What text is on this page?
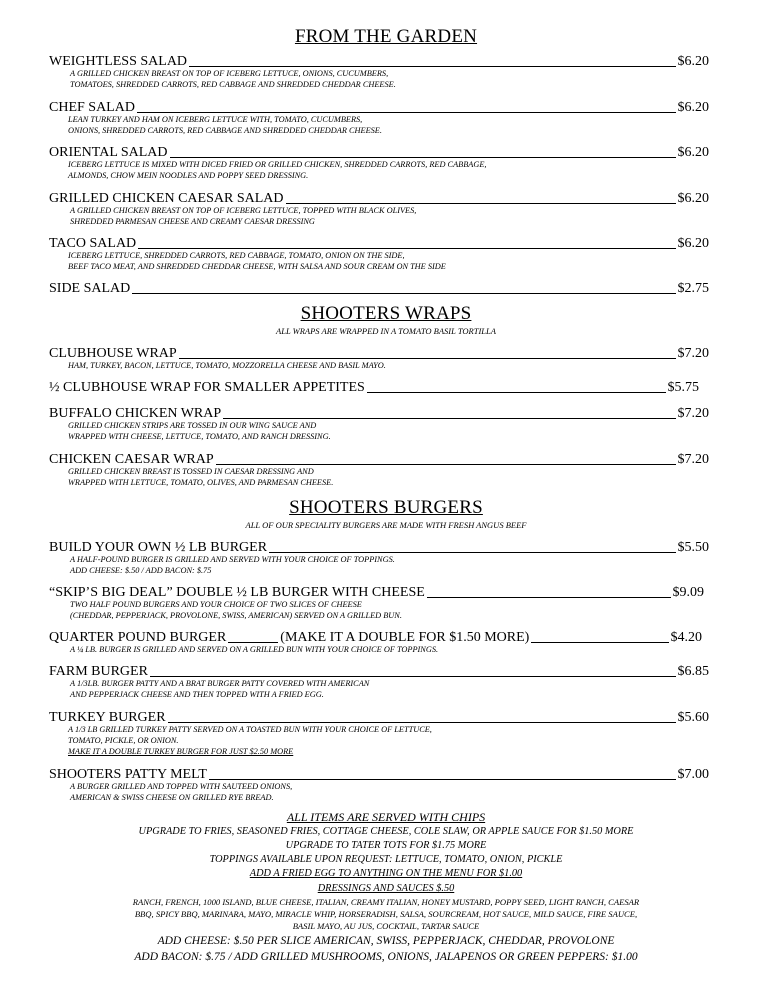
FROM THE GARDEN
WEIGHTLESS SALAD	$6.20
A GRILLED CHICKEN BREAST ON TOP OF ICEBERG LETTUCE, ONIONS, CUCUMBERS,
TOMATOES, SHREDDED CARROTS, RED CABBAGE AND SHREDDED CHEDDAR CHEESE.
CHEF SALAD	$6.20
LEAN TURKEY AND HAM ON ICEBERG LETTUCE WITH, TOMATO, CUCUMBERS,
ONIONS, SHREDDED CARROTS, RED CABBAGE AND SHREDDED CHEDDAR CHEESE.
ORIENTAL SALAD	$6.20
ICEBERG LETTUCE IS MIXED WITH DICED FRIED OR GRILLED CHICKEN, SHREDDED CARROTS, RED CABBAGE,
ALMONDS, CHOW MEIN NOODLES AND POPPY SEED DRESSING.
GRILLED CHICKEN CAESAR SALAD	$6.20
A GRILLED CHICKEN BREAST ON TOP OF ICEBERG LETTUCE, TOPPED WITH BLACK OLIVES,
SHREDDED PARMESAN CHEESE AND CREAMY CAESAR DRESSING
TACO SALAD	$6.20
ICEBERG LETTUCE, SHREDDED CARROTS, RED CABBAGE, TOMATO, ONION ON THE SIDE,
BEEF TACO MEAT, AND SHREDDED CHEDDAR CHEESE, WITH SALSA AND SOUR CREAM ON THE SIDE
SIDE SALAD	$2.75
SHOOTERS WRAPS
ALL WRAPS ARE WRAPPED IN A TOMATO BASIL TORTILLA
CLUBHOUSE WRAP	$7.20
HAM, TURKEY, BACON, LETTUCE, TOMATO, MOZZORELLA CHEESE AND BASIL MAYO.
½ CLUBHOUSE WRAP FOR SMALLER APPETITES	$5.75
BUFFALO CHICKEN WRAP	$7.20
GRILLED CHICKEN STRIPS ARE TOSSED IN OUR WING SAUCE AND
WRAPPED WITH CHEESE, LETTUCE, TOMATO, AND RANCH DRESSING.
CHICKEN CAESAR WRAP	$7.20
GRILLED CHICKEN BREAST IS TOSSED IN CAESAR DRESSING AND
WRAPPED WITH LETTUCE, TOMATO, OLIVES, AND PARMESAN CHEESE.
SHOOTERS BURGERS
ALL OF OUR SPECIALITY BURGERS ARE MADE WITH FRESH ANGUS BEEF
BUILD YOUR OWN ½ LB BURGER	$5.50
A HALF-POUND BURGER IS GRILLED AND SERVED WITH YOUR CHOICE OF TOPPINGS.
ADD CHEESE: $.50 / ADD BACON: $.75
“SKIP’S BIG DEAL” DOUBLE ½ LB BURGER WITH CHEESE	$9.09
TWO HALF POUND BURGERS AND YOUR CHOICE OF TWO SLICES OF CHEESE
(CHEDDAR, PEPPERJACK, PROVOLONE, SWISS, AMERICAN) SERVED ON A GRILLED BUN.
QUARTER POUND BURGER	(MAKE IT A DOUBLE FOR $1.50 MORE)	$4.20
A ¼ LB. BURGER IS GRILLED AND SERVED ON A GRILLED BUN WITH YOUR CHOICE OF TOPPINGS.
FARM BURGER	$6.85
A 1/3LB. BURGER PATTY AND A BRAT BURGER PATTY COVERED WITH AMERICAN
AND PEPPERJACK CHEESE AND THEN TOPPED WITH A FRIED EGG.
TURKEY BURGER	$5.60
A 1/3 LB GRILLED TURKEY PATTY SERVED ON A TOASTED BUN WITH YOUR CHOICE OF LETTUCE,
TOMATO, PICKLE, OR ONION.
MAKE IT A DOUBLE TURKEY BURGER FOR JUST $2.50 MORE
SHOOTERS PATTY MELT	$7.00
A BURGER GRILLED AND TOPPED WITH SAUTEED ONIONS,
AMERICAN & SWISS CHEESE ON GRILLED RYE BREAD.
ALL ITEMS ARE SERVED WITH CHIPS
UPGRADE TO FRIES, SEASONED FRIES, COTTAGE CHEESE, COLE SLAW, OR APPLE SAUCE FOR $1.50 MORE
UPGRADE TO TATER TOTS FOR $1.75 MORE
TOPPINGS AVAILABLE UPON REQUEST: LETTUCE, TOMATO, ONION, PICKLE
ADD A FRIED EGG TO ANYTHING ON THE MENU FOR $1.00
DRESSINGS AND SAUCES $.50
RANCH, FRENCH, 1000 ISLAND, BLUE CHEESE, ITALIAN, CREAMY ITALIAN, HONEY MUSTARD, POPPY SEED, LIGHT RANCH, CAESAR
BBQ, SPICY BBQ, MARINARA, MAYO, MIRACLE WHIP, HORSERADISH, SALSA, SOURCREAM, HOT SAUCE, MILD SAUCE, FIRE SAUCE,
BASIL MAYO, AU JUS, COCKTAIL, TARTAR SAUCE
ADD CHEESE: $.50 PER SLICE AMERICAN, SWISS, PEPPERJACK, CHEDDAR, PROVOLONE
ADD BACON: $.75 / ADD GRILLED MUSHROOMS, ONIONS, JALAPENOS OR GREEN PEPPERS: $1.00
